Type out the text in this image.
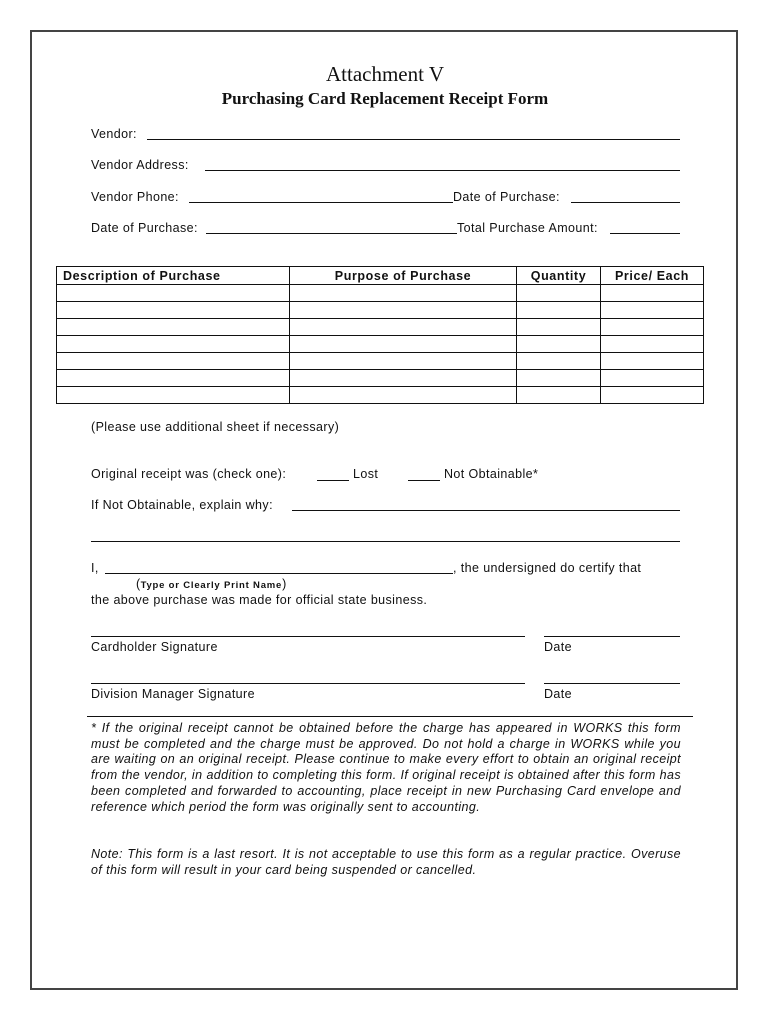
Attachment V
Purchasing Card Replacement Receipt Form
Vendor:
Vendor Address:
Vendor Phone:	Date of Purchase:
Date of Purchase:	Total Purchase Amount:
Description of Purchase	Purpose of Purchase	Quantity	Price/ Each

(Please use additional sheet if necessary)
Original receipt was (check one):	Lost	Not Obtainable*
If Not Obtainable, explain why:
I,	, the undersigned do certify that
(Type or Clearly Print Name)
the above purchase was made for official state business.
Cardholder Signature	Date
Division Manager Signature	Date
* If the original receipt cannot be obtained before the charge has appeared in WORKS this form must be completed and the charge must be approved. Do not hold a charge in WORKS while you are waiting on an original receipt. Please continue to make every effort to obtain an original receipt from the vendor, in addition to completing this form. If original receipt is obtained after this form has been completed and forwarded to accounting, place receipt in new Purchasing Card envelope and reference which period the form was originally sent to accounting.
Note: This form is a last resort. It is not acceptable to use this form as a regular practice. Overuse of this form will result in your card being suspended or cancelled.
